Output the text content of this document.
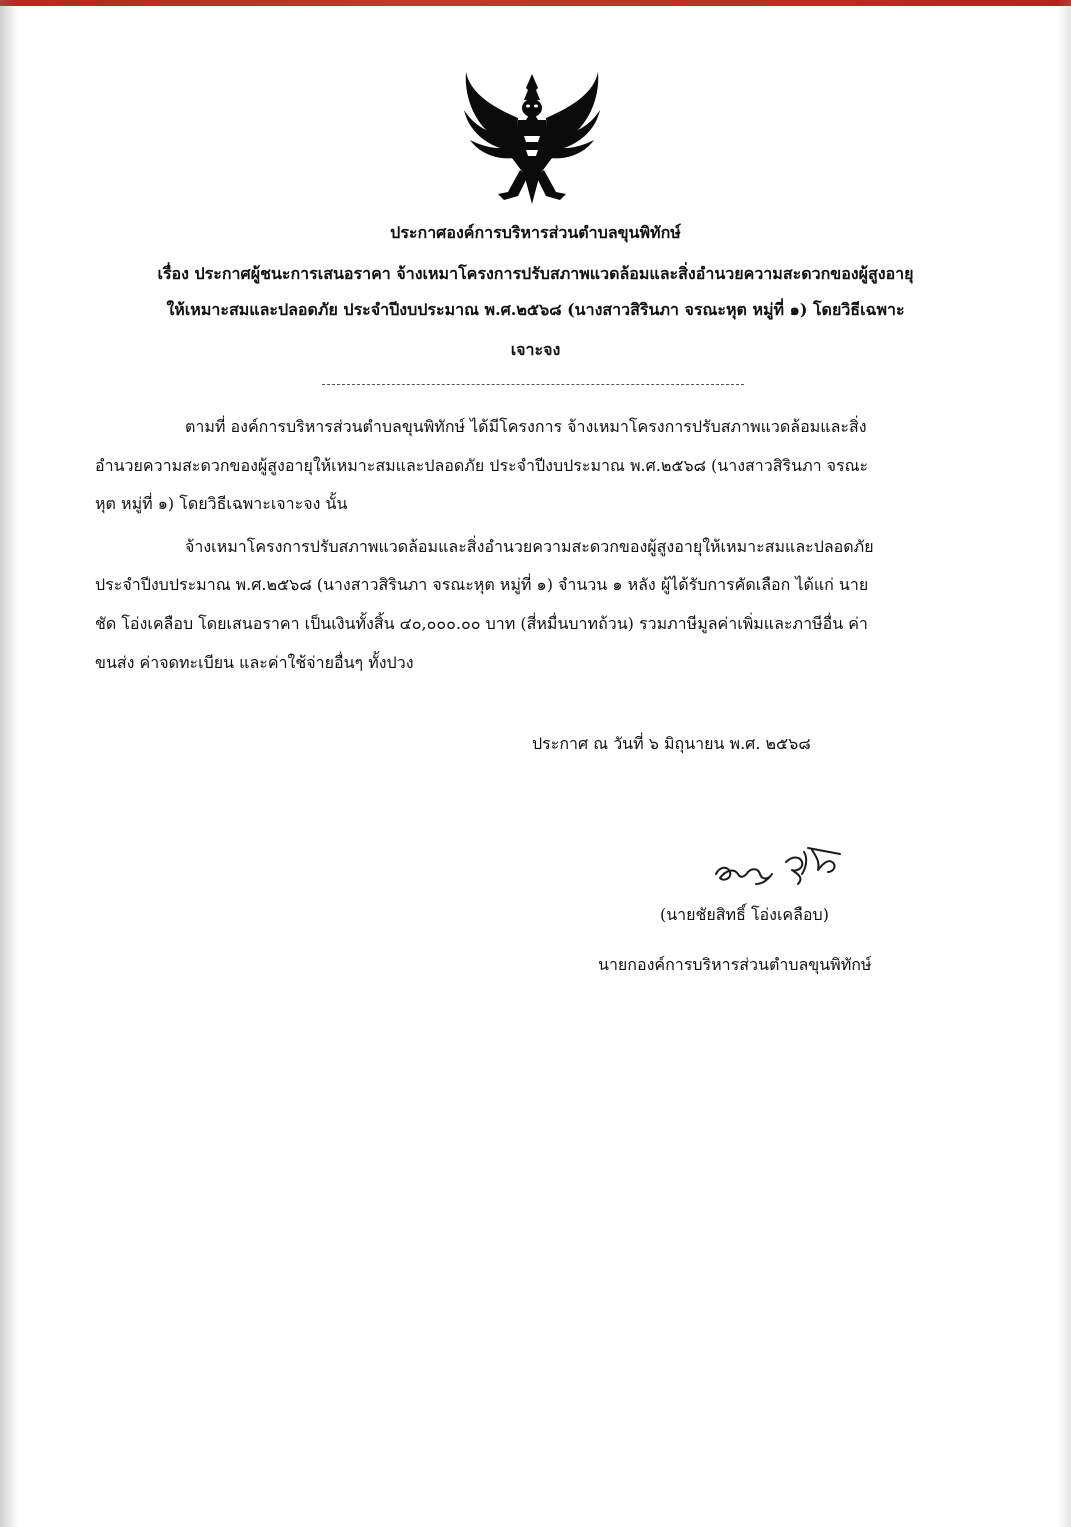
ประกาศองค์การบริหารส่วนตำบลขุนพิทักษ์
เรื่อง ประกาศผู้ชนะการเสนอราคา จ้างเหมาโครงการปรับสภาพแวดล้อมและสิ่งอำนวยความสะดวกของผู้สูงอายุ
ให้เหมาะสมและปลอดภัย ประจำปีงบประมาณ พ.ศ.๒๕๖๘ (นางสาวสิรินภา จรณะหุต หมู่ที่ ๑) โดยวิธีเฉพาะ
เจาะจง
ตามที่ องค์การบริหารส่วนตำบลขุนพิทักษ์ ได้มีโครงการ จ้างเหมาโครงการปรับสภาพแวดล้อมและสิ่ง
อำนวยความสะดวกของผู้สูงอายุให้เหมาะสมและปลอดภัย ประจำปีงบประมาณ พ.ศ.๒๕๖๘ (นางสาวสิรินภา จรณะ
หุต หมู่ที่ ๑) โดยวิธีเฉพาะเจาะจง นั้น
จ้างเหมาโครงการปรับสภาพแวดล้อมและสิ่งอำนวยความสะดวกของผู้สูงอายุให้เหมาะสมและปลอดภัย
ประจำปีงบประมาณ พ.ศ.๒๕๖๘ (นางสาวสิรินภา จรณะหุต หมู่ที่ ๑) จำนวน ๑ หลัง ผู้ได้รับการคัดเลือก ได้แก่ นาย
ชัด โอ่งเคลือบ โดยเสนอราคา เป็นเงินทั้งสิ้น ๔๐,๐๐๐.๐๐ บาท (สี่หมื่นบาทถ้วน) รวมภาษีมูลค่าเพิ่มและภาษีอื่น ค่า
ขนส่ง ค่าจดทะเบียน และค่าใช้จ่ายอื่นๆ ทั้งปวง
ประกาศ ณ วันที่ ๖ มิถุนายน พ.ศ. ๒๕๖๘
(นายชัยสิทธิ์ โอ่งเคลือบ)
นายกองค์การบริหารส่วนตำบลขุนพิทักษ์
